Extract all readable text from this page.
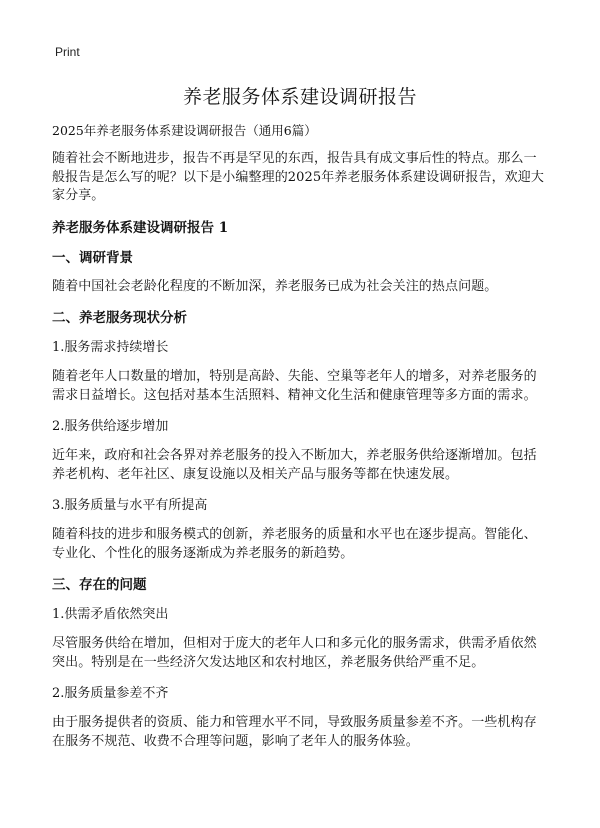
Print
养老服务体系建设调研报告
2025年养老服务体系建设调研报告（通用6篇）

随着社会不断地进步，报告不再是罕见的东西，报告具有成文事后性的特点。那么一般报告是怎么写的呢？以下是小编整理的2025年养老服务体系建设调研报告，欢迎大家分享。

养老服务体系建设调研报告 1
一、调研背景

随着中国社会老龄化程度的不断加深，养老服务已成为社会关注的热点问题。

二、养老服务现状分析
1.服务需求持续增长

随着老年人口数量的增加，特别是高龄、失能、空巢等老年人的增多，对养老服务的需求日益增长。这包括对基本生活照料、精神文化生活和健康管理等多方面的需求。

2.服务供给逐步增加

近年来，政府和社会各界对养老服务的投入不断加大，养老服务供给逐渐增加。包括养老机构、老年社区、康复设施以及相关产品与服务等都在快速发展。

3.服务质量与水平有所提高

随着科技的进步和服务模式的创新，养老服务的质量和水平也在逐步提高。智能化、专业化、个性化的服务逐渐成为养老服务的新趋势。

三、存在的问题
1.供需矛盾依然突出

尽管服务供给在增加，但相对于庞大的老年人口和多元化的服务需求，供需矛盾依然突出。特别是在一些经济欠发达地区和农村地区，养老服务供给严重不足。

2.服务质量参差不齐

由于服务提供者的资质、能力和管理水平不同，导致服务质量参差不齐。一些机构存在服务不规范、收费不合理等问题，影响了老年人的服务体验。
